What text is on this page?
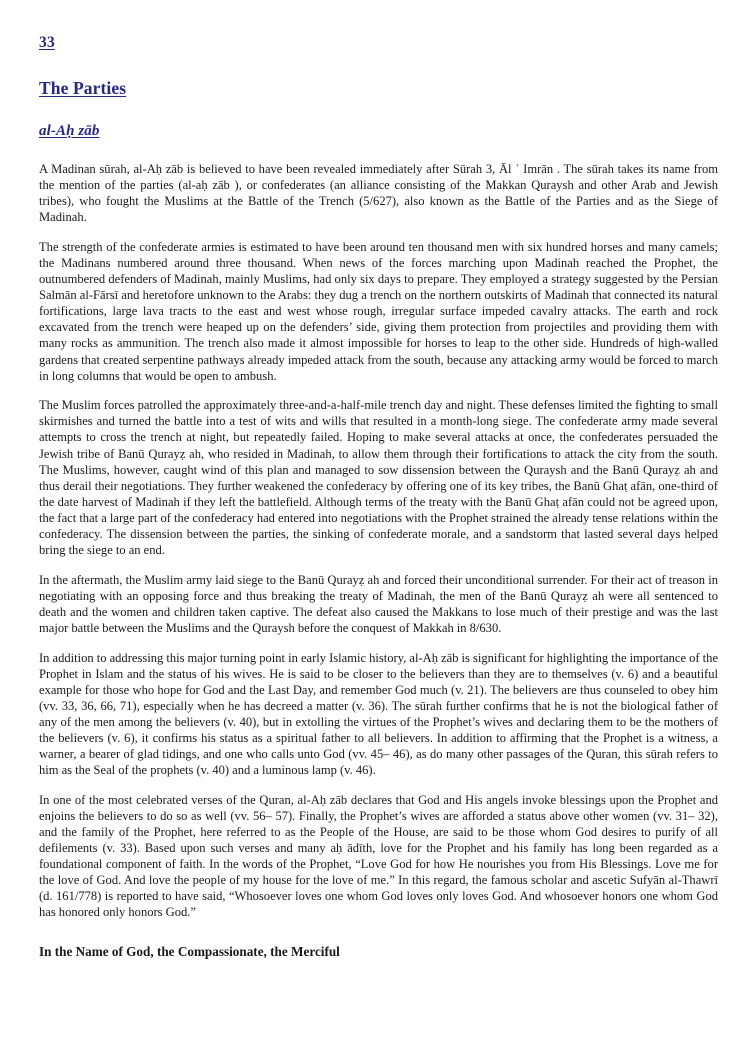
33
The Parties
al-Aḥ zāb

A Madinan sūrah, al-Aḥ zāb is believed to have been revealed immediately after Sūrah 3, Āl ʿ Imrān . The sūrah takes its name from the mention of the parties (al-aḥ zāb ), or confederates (an alliance consisting of the Makkan Quraysh and other Arab and Jewish tribes), who fought the Muslims at the Battle of the Trench (5/627), also known as the Battle of the Parties and as the Siege of Madinah.

The strength of the confederate armies is estimated to have been around ten thousand men with six hundred horses and many camels; the Madinans numbered around three thousand. When news of the forces marching upon Madinah reached the Prophet, the outnumbered defenders of Madinah, mainly Muslims, had only six days to prepare. They employed a strategy suggested by the Persian Salmān al-Fārsī and heretofore unknown to the Arabs: they dug a trench on the northern outskirts of Madinah that connected its natural fortifications, large lava tracts to the east and west whose rough, irregular surface impeded cavalry attacks. The earth and rock excavated from the trench were heaped up on the defenders’ side, giving them protection from projectiles and providing them with many rocks as ammunition. The trench also made it almost impossible for horses to leap to the other side. Hundreds of high-walled gardens that created serpentine pathways already impeded attack from the south, because any attacking army would be forced to march in long columns that would be open to ambush.

The Muslim forces patrolled the approximately three-and-a-half-mile trench day and night. These defenses limited the fighting to small skirmishes and turned the battle into a test of wits and wills that resulted in a month-long siege. The confederate army made several attempts to cross the trench at night, but repeatedly failed. Hoping to make several attacks at once, the confederates persuaded the Jewish tribe of Banū Qurayẓ ah, who resided in Madinah, to allow them through their fortifications to attack the city from the south. The Muslims, however, caught wind of this plan and managed to sow dissension between the Quraysh and the Banū Qurayẓ ah and thus derail their negotiations. They further weakened the confederacy by offering one of its key tribes, the Banū Ghaṭ afān, one-third of the date harvest of Madinah if they left the battlefield. Although terms of the treaty with the Banū Ghaṭ afān could not be agreed upon, the fact that a large part of the confederacy had entered into negotiations with the Prophet strained the already tense relations within the confederacy. The dissension between the parties, the sinking of confederate morale, and a sandstorm that lasted several days helped bring the siege to an end.

In the aftermath, the Muslim army laid siege to the Banū Qurayẓ ah and forced their unconditional surrender. For their act of treason in negotiating with an opposing force and thus breaking the treaty of Madinah, the men of the Banū Qurayẓ ah were all sentenced to death and the women and children taken captive. The defeat also caused the Makkans to lose much of their prestige and was the last major battle between the Muslims and the Quraysh before the conquest of Makkah in 8/630.

In addition to addressing this major turning point in early Islamic history, al-Aḥ zāb is significant for highlighting the importance of the Prophet in Islam and the status of his wives. He is said to be closer to the believers than they are to themselves (v. 6) and a beautiful example for those who hope for God and the Last Day, and remember God much (v. 21). The believers are thus counseled to obey him (vv. 33, 36, 66, 71), especially when he has decreed a matter (v. 36). The sūrah further confirms that he is not the biological father of any of the men among the believers (v. 40), but in extolling the virtues of the Prophet’s wives and declaring them to be the mothers of the believers (v. 6), it confirms his status as a spiritual father to all believers. In addition to affirming that the Prophet is a witness, a warner, a bearer of glad tidings, and one who calls unto God (vv. 45– 46), as do many other passages of the Quran, this sūrah refers to him as the Seal of the prophets (v. 40) and a luminous lamp (v. 46).

In one of the most celebrated verses of the Quran, al-Aḥ zāb declares that God and His angels invoke blessings upon the Prophet and enjoins the believers to do so as well (vv. 56– 57). Finally, the Prophet’s wives are afforded a status above other women (vv. 31– 32), and the family of the Prophet, here referred to as the People of the House, are said to be those whom God desires to purify of all defilements (v. 33). Based upon such verses and many aḥ ādīth, love for the Prophet and his family has long been regarded as a foundational component of faith. In the words of the Prophet, “Love God for how He nourishes you from His Blessings. Love me for the love of God. And love the people of my house for the love of me.” In this regard, the famous scholar and ascetic Sufyān al-Thawrī (d. 161/778) is reported to have said, “Whosoever loves one whom God loves only loves God. And whosoever honors one whom God has honored only honors God.”

In the Name of God, the Compassionate, the Merciful
